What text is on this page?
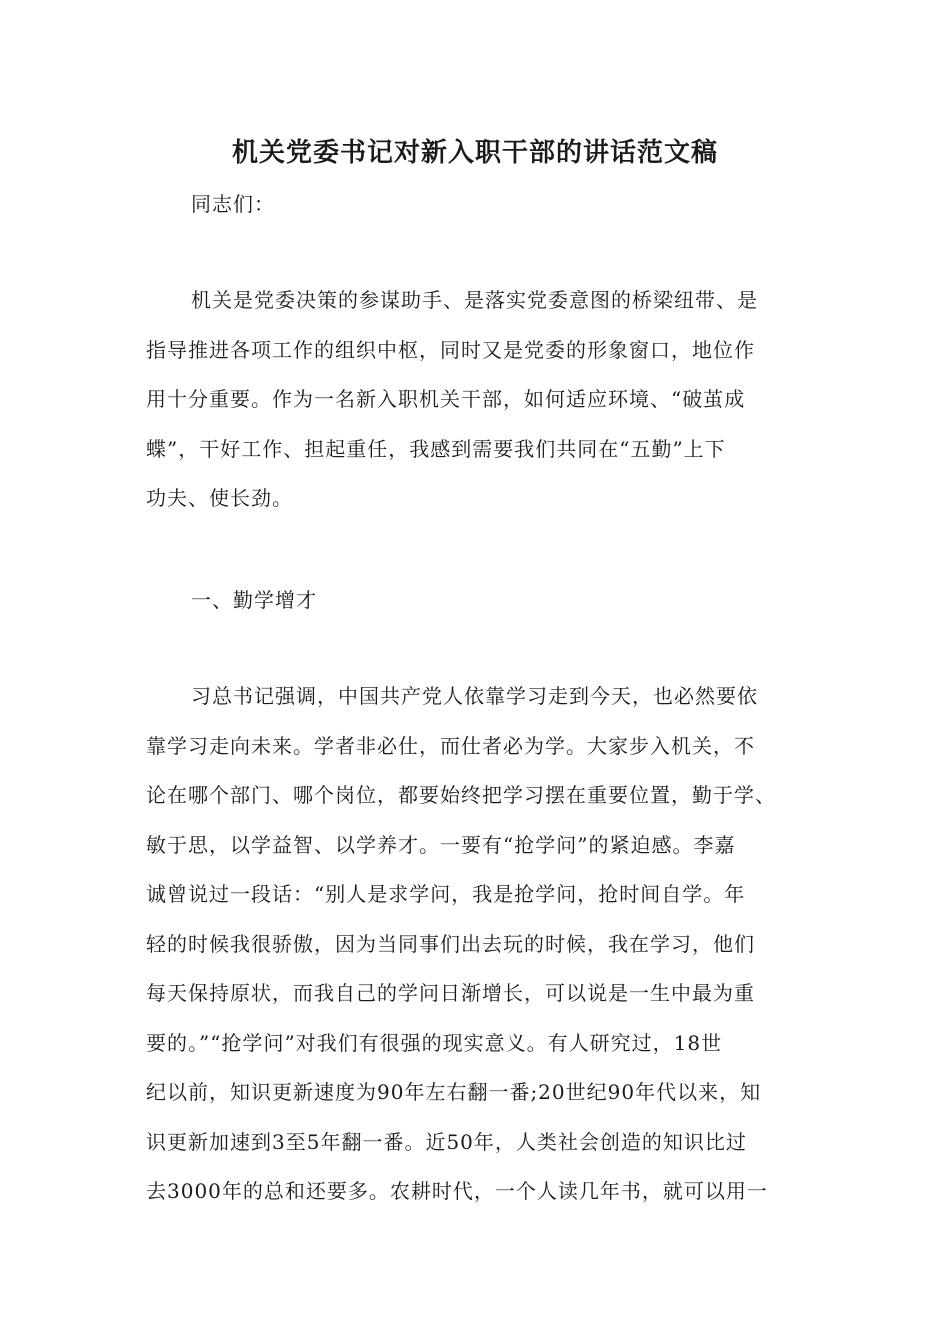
机关党委书记对新入职干部的讲话范文稿

同志们：

机关是党委决策的参谋助手、是落实党委意图的桥梁纽带、是
指导推进各项工作的组织中枢，同时又是党委的形象窗口，地位作
用十分重要。作为一名新入职机关干部，如何适应环境、“破茧成
蝶”，干好工作、担起重任，我感到需要我们共同在“五勤”上下
功夫、使长劲。

一、勤学增才

习总书记强调，中国共产党人依靠学习走到今天，也必然要依
靠学习走向未来。学者非必仕，而仕者必为学。大家步入机关，不
论在哪个部门、哪个岗位，都要始终把学习摆在重要位置，勤于学、
敏于思，以学益智、以学养才。一要有“抢学问”的紧迫感。李嘉
诚曾说过一段话：“别人是求学问，我是抢学问，抢时间自学。年
轻的时候我很骄傲，因为当同事们出去玩的时候，我在学习，他们
每天保持原状，而我自己的学问日渐增长，可以说是一生中最为重
要的。”“抢学问”对我们有很强的现实意义。有人研究过，18世
纪以前，知识更新速度为90年左右翻一番;20世纪90年代以来，知
识更新加速到3至5年翻一番。近50年，人类社会创造的知识比过
去3000年的总和还要多。农耕时代，一个人读几年书，就可以用一
